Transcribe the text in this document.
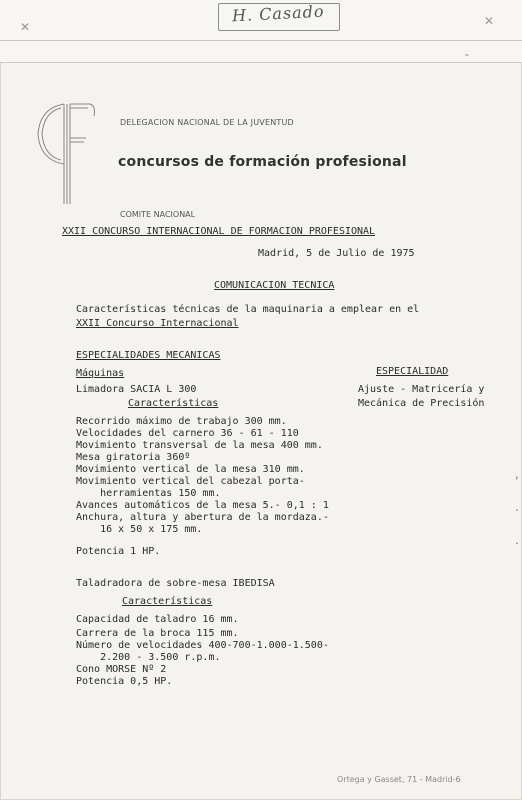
H. Casado
✕	✕
╴
DELEGACION NACIONAL DE LA JUVENTUD
concursos de formación profesional
COMITE NACIONAL
XXII CONCURSO INTERNACIONAL DE FORMACION PROFESIONAL
Madrid, 5 de Julio de 1975
COMUNICACION TECNICA
Características técnicas de la maquinaria a emplear en el
XXII Concurso Internacional
ESPECIALIDADES MECANICAS
Máquinas	ESPECIALIDAD
Ajuste - Matricería y
Mecánica de Precisión
Limadora SACIA L 300
Características
Recorrido máximo de trabajo 300 mm.
Velocidades del carnero 36 - 61 - 110
Movimiento transversal de la mesa 400 mm.
Mesa giratoria 360º
Movimiento vertical de la mesa 310 mm.
Movimiento vertical del cabezal porta-
herramientas 150 mm.
Avances automáticos de la mesa 5.- 0,1 : 1
Anchura, altura y abertura de la mordaza.-
16 x 50 x 175 mm.
Potencia 1 HP.
Taladradora de sobre-mesa IBEDISA
Características
Capacidad de taladro 16 mm.
Carrera de la broca 115 mm.
Número de velocidades 400-700-1.000-1.500-
2.200 - 3.500 r.p.m.
Cono MORSE Nº 2
Potencia 0,5 HP.
,

.

.
Ortega y Gasset, 71 - Madrid-6
